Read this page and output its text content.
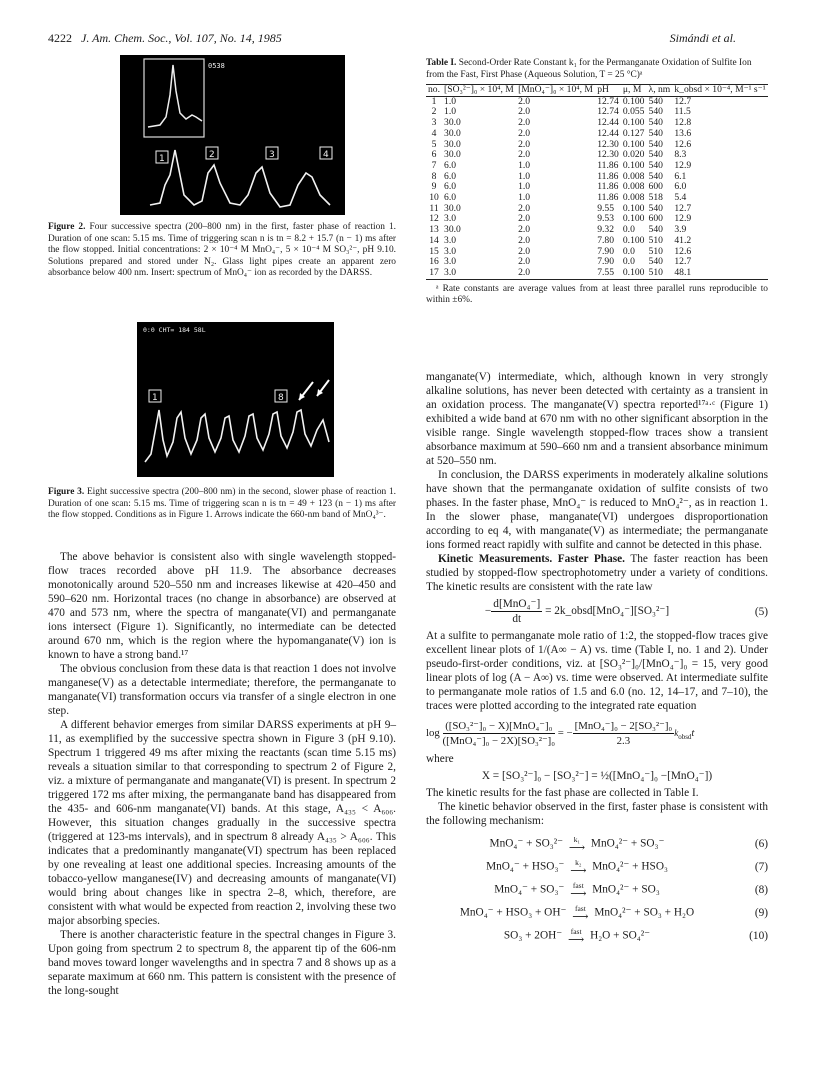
4222 J. Am. Chem. Soc., Vol. 107, No. 14, 1985	Simándi et al.
0538
1	2	3	4
Figure 2. Four successive spectra (200–800 nm) in the first, faster phase of reaction 1. Duration of one scan: 5.15 ms. Time of triggering scan n is tn = 8.2 + 15.7 (n − 1) ms after the flow stopped. Initial concentrations: 2 × 10⁻⁴ M MnO₄⁻, 5 × 10⁻⁴ M SO₃²⁻, pH 9.10. Solutions prepared and stored under N₂. Glass light pipes create an apparent zero absorbance below 400 nm. Insert: spectrum of MnO₄⁻ ion as recorded by the DARSS.
0:0 CHT= 184 58L
1	8
Figure 3. Eight successive spectra (200–800 nm) in the second, slower phase of reaction 1. Duration of one scan: 5.15 ms. Time of triggering scan n is tn = 49 + 123 (n − 1) ms after the flow stopped. Conditions as in Figure 1. Arrows indicate the 660-nm band of MnO₄³⁻.

The above behavior is consistent also with single wavelength stopped-flow traces recorded above pH 11.9. The absorbance decreases monotonically around 520–550 nm and increases likewise at 420–450 and 590–620 nm. Horizontal traces (no change in absorbance) are observed at 470 and 573 nm, where the spectra of manganate(VI) and permanganate ions intersect (Figure 1). Significantly, no intermediate can be detected around 670 nm, which is the region where the hypomanganate(V) ion is known to have a strong band.¹⁷

The obvious conclusion from these data is that reaction 1 does not involve manganese(V) as a detectable intermediate; therefore, the permanganate to manganate(VI) transformation occurs via transfer of a single electron in one step.

A different behavior emerges from similar DARSS experiments at pH 9–11, as exemplified by the successive spectra shown in Figure 3 (pH 9.10). Spectrum 1 triggered 49 ms after mixing the reactants (scan time 5.15 ms) reveals a situation similar to that corresponding to spectrum 2 of Figure 2, viz. a mixture of permanganate and manganate(VI) is present. In spectrum 2 triggered 172 ms after mixing, the permanganate band has disappeared from the 435- and 606-nm manganate(VI) bands. At this stage, A₄₃₅ < A₆₀₆. However, this situation changes gradually in the successive spectra (triggered at 123-ms intervals), and in spectrum 8 already A₄₃₅ > A₆₀₆. This indicates that a predominantly manganate(VI) spectrum has been replaced by one revealing at least one additional species. Increasing amounts of the tobacco-yellow manganese(IV) and decreasing amounts of manganate(VI) would bring about changes like in spectra 2–8, which, therefore, are consistent with what would be expected from reaction 2, involving these two major absorbing species.

There is another characteristic feature in the spectral changes in Figure 3. Upon going from spectrum 2 to spectrum 8, the apparent tip of the 606-nm band moves toward longer wavelengths and in spectra 7 and 8 shows up as a separate maximum at 660 nm. This pattern is consistent with the presence of the long-sought

Table I. Second-Order Rate Constant k₁ for the Permanganate Oxidation of Sulfite Ion from the Fast, First Phase (Aqueous Solution, T = 25 °C)ᵃ
no.	[SO₃²⁻]₀ × 10⁴, M	[MnO₄⁻]₀ × 10⁴, M	pH	μ, M	λ, nm	k_obsd × 10⁻⁴, M⁻¹ s⁻¹
1	1.0	2.0	12.74	0.100	540	12.7
2	1.0	2.0	12.74	0.055	540	11.5
3	30.0	2.0	12.44	0.100	540	12.8
4	30.0	2.0	12.44	0.127	540	13.6
5	30.0	2.0	12.30	0.100	540	12.6
6	30.0	2.0	12.30	0.020	540	8.3
7	6.0	1.0	11.86	0.100	540	12.9
8	6.0	1.0	11.86	0.008	540	6.1
9	6.0	1.0	11.86	0.008	600	6.0
10	6.0	1.0	11.86	0.008	518	5.4
11	30.0	2.0	9.55	0.100	540	12.7
12	3.0	2.0	9.53	0.100	600	12.9
13	30.0	2.0	9.32	0.0	540	3.9
14	3.0	2.0	7.80	0.100	510	41.2
15	3.0	2.0	7.90	0.0	510	12.6
16	3.0	2.0	7.90	0.0	540	12.7
17	3.0	2.0	7.55	0.100	510	48.1
ᵃ Rate constants are average values from at least three parallel runs reproducible to within ±6%.

manganate(V) intermediate, which, although known in very strongly alkaline solutions, has never been detected with certainty as a transient in an oxidation process. The manganate(V) spectra reported¹⁷ᵃ·ᶜ (Figure 1) exhibited a wide band at 670 nm with no other significant absorption in the visible range. Single wavelength stopped-flow traces show a transient absorbance maximum at 590–660 nm and a transient absorbance minimum at 520–550 nm.

In conclusion, the DARSS experiments in moderately alkaline solutions have shown that the permanganate oxidation of sulfite consists of two phases. In the faster phase, MnO₄⁻ is reduced to MnO₄²⁻, as in reaction 1. In the slower phase, manganate(VI) undergoes disproportionation according to eq 4, with manganate(V) as intermediate; the permanganate ions formed react rapidly with sulfite and cannot be detected in this phase.

Kinetic Measurements. Faster Phase. The faster reaction has been studied by stopped-flow spectrophotometry under a variety of conditions. The kinetic results are consistent with the rate law

− $\frac{\text{d[MnO₄⁻]}}{dt}$ = 2k_obsd[MnO₄⁻][SO₃²⁻]	(5)

At a sulfite to permanganate mole ratio of 1:2, the stopped-flow traces give excellent linear plots of 1/(A∞ − A) vs. time (Table I, no. 1 and 2). Under pseudo-first-order conditions, viz. at [SO₃²⁻]₀/[MnO₄⁻]₀ = 15, very good linear plots of log (A − A∞) vs. time were observed. At intermediate sulfite to permanganate mole ratios of 1.5 and 6.0 (no. 12, 14–17, and 7–10), the traces were plotted according to the integrated rate equation

$\log \frac{\text{([SO₃²⁻]₀ − X)[MnO₄⁻]₀}}{\text{([MnO₄⁻]₀ − 2X)[SO₃²⁻]₀}}$ = − $\frac{\text{[MnO₄⁻]₀ − 2[SO₃²⁻]₀}}{2.3} k_{obsd}t$

where

X = [SO₃²⁻]₀ − [SO₃²⁻] = ½([MnO₄⁻]₀ −[MnO₄⁻])

The kinetic results for the fast phase are collected in Table I.

The kinetic behavior observed in the first, faster phase is consistent with the following mechanism:

MnO₄⁻ + SO₃²⁻ k₁
⟶ MnO₄²⁻ + SO₃⁻	(6)
MnO₄⁻ + HSO₃⁻ k₂
⟶ MnO₄²⁻ + HSO₃	(7)
MnO₄⁻ + SO₃⁻ fast
⟶ MnO₄²⁻ + SO₃	(8)
MnO₄⁻ + HSO₃ + OH⁻ fast
⟶ MnO₄²⁻ + SO₃ + H₂O	(9)
SO₃ + 2OH⁻ fast
⟶ H₂O + SO₄²⁻	(10)
